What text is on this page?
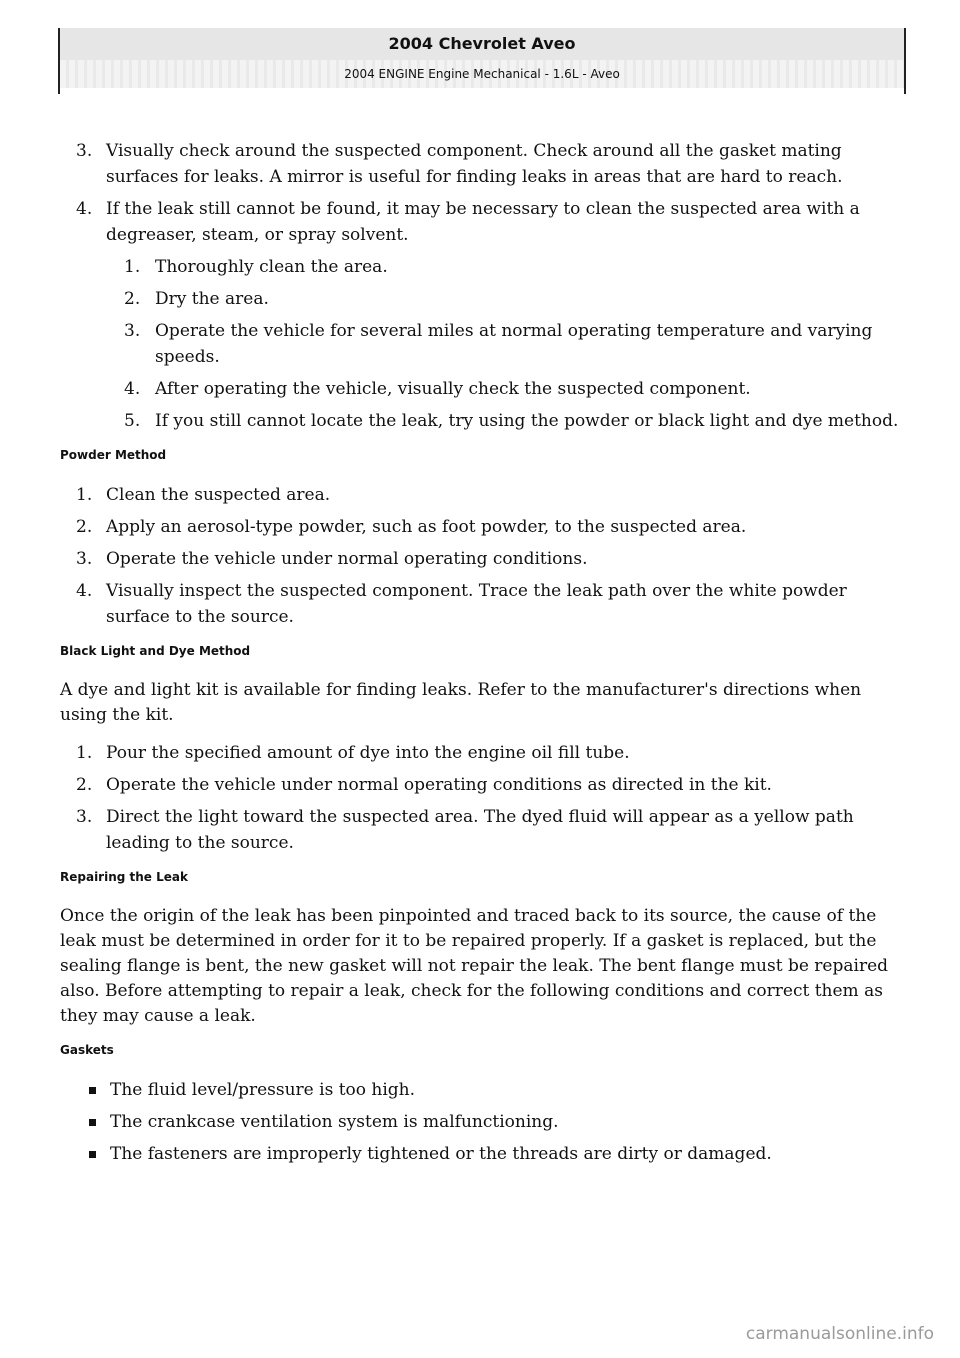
2004 Chevrolet Aveo
2004 ENGINE Engine Mechanical - 1.6L - Aveo
3. Visually check around the suspected component. Check around all the gasket mating surfaces for leaks. A mirror is useful for finding leaks in areas that are hard to reach.
4. If the leak still cannot be found, it may be necessary to clean the suspected area with a degreaser, steam, or spray solvent.
1. Thoroughly clean the area.
2. Dry the area.
3. Operate the vehicle for several miles at normal operating temperature and varying speeds.
4. After operating the vehicle, visually check the suspected component.
5. If you still cannot locate the leak, try using the powder or black light and dye method.
Powder Method
1. Clean the suspected area.
2. Apply an aerosol-type powder, such as foot powder, to the suspected area.
3. Operate the vehicle under normal operating conditions.
4. Visually inspect the suspected component. Trace the leak path over the white powder surface to the source.
Black Light and Dye Method

A dye and light kit is available for finding leaks. Refer to the manufacturer's directions when using the kit.

1. Pour the specified amount of dye into the engine oil fill tube.
2. Operate the vehicle under normal operating conditions as directed in the kit.
3. Direct the light toward the suspected area. The dyed fluid will appear as a yellow path leading to the source.
Repairing the Leak

Once the origin of the leak has been pinpointed and traced back to its source, the cause of the leak must be determined in order for it to be repaired properly. If a gasket is replaced, but the sealing flange is bent, the new gasket will not repair the leak. The bent flange must be repaired also. Before attempting to repair a leak, check for the following conditions and correct them as they may cause a leak.

Gaskets
The fluid level/pressure is too high.
The crankcase ventilation system is malfunctioning.
The fasteners are improperly tightened or the threads are dirty or damaged.
carmanualsonline.info
